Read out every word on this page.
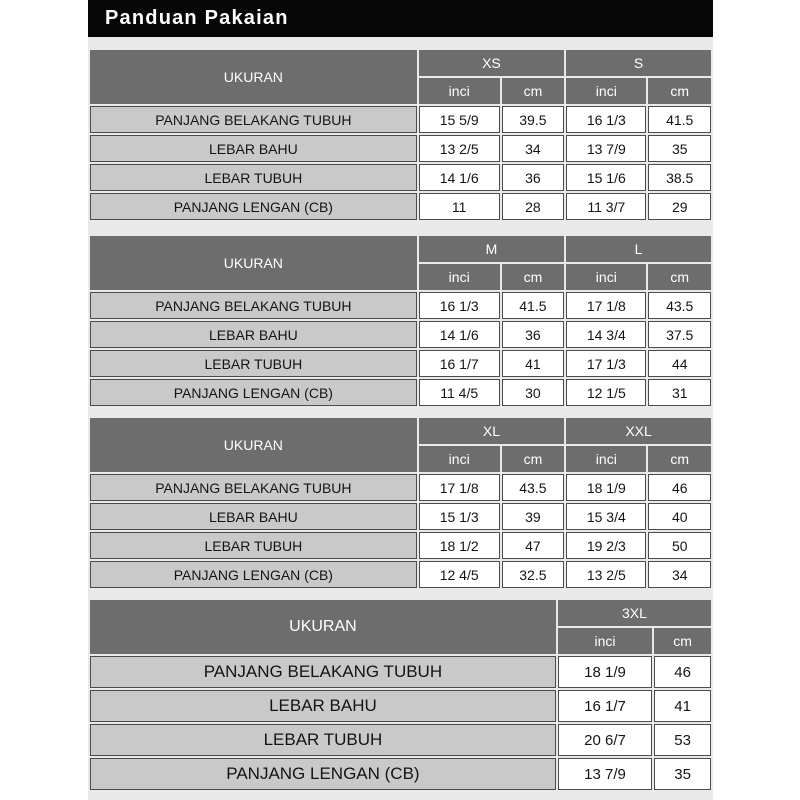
Panduan Pakaian
UKURAN	XS		S	
	inci	cm	inci	cm
PANJANG BELAKANG TUBUH	15 5/9	39.5	16 1/3	41.5
LEBAR BAHU	13 2/5	34	13 7/9	35
LEBAR TUBUH	14 1/6	36	15 1/6	38.5
PANJANG LENGAN (CB)	11	28	11 3/7	29
UKURAN	M		L	
	inci	cm	inci	cm
PANJANG BELAKANG TUBUH	16 1/3	41.5	17 1/8	43.5
LEBAR BAHU	14 1/6	36	14 3/4	37.5
LEBAR TUBUH	16 1/7	41	17 1/3	44
PANJANG LENGAN (CB)	11 4/5	30	12 1/5	31
UKURAN	XL		XXL	
	inci	cm	inci	cm
PANJANG BELAKANG TUBUH	17 1/8	43.5	18 1/9	46
LEBAR BAHU	15 1/3	39	15 3/4	40
LEBAR TUBUH	18 1/2	47	19 2/3	50
PANJANG LENGAN (CB)	12 4/5	32.5	13 2/5	34
UKURAN	3XL	
	inci	cm
PANJANG BELAKANG TUBUH	18 1/9	46
LEBAR BAHU	16 1/7	41
LEBAR TUBUH	20 6/7	53
PANJANG LENGAN (CB)	13 7/9	35
